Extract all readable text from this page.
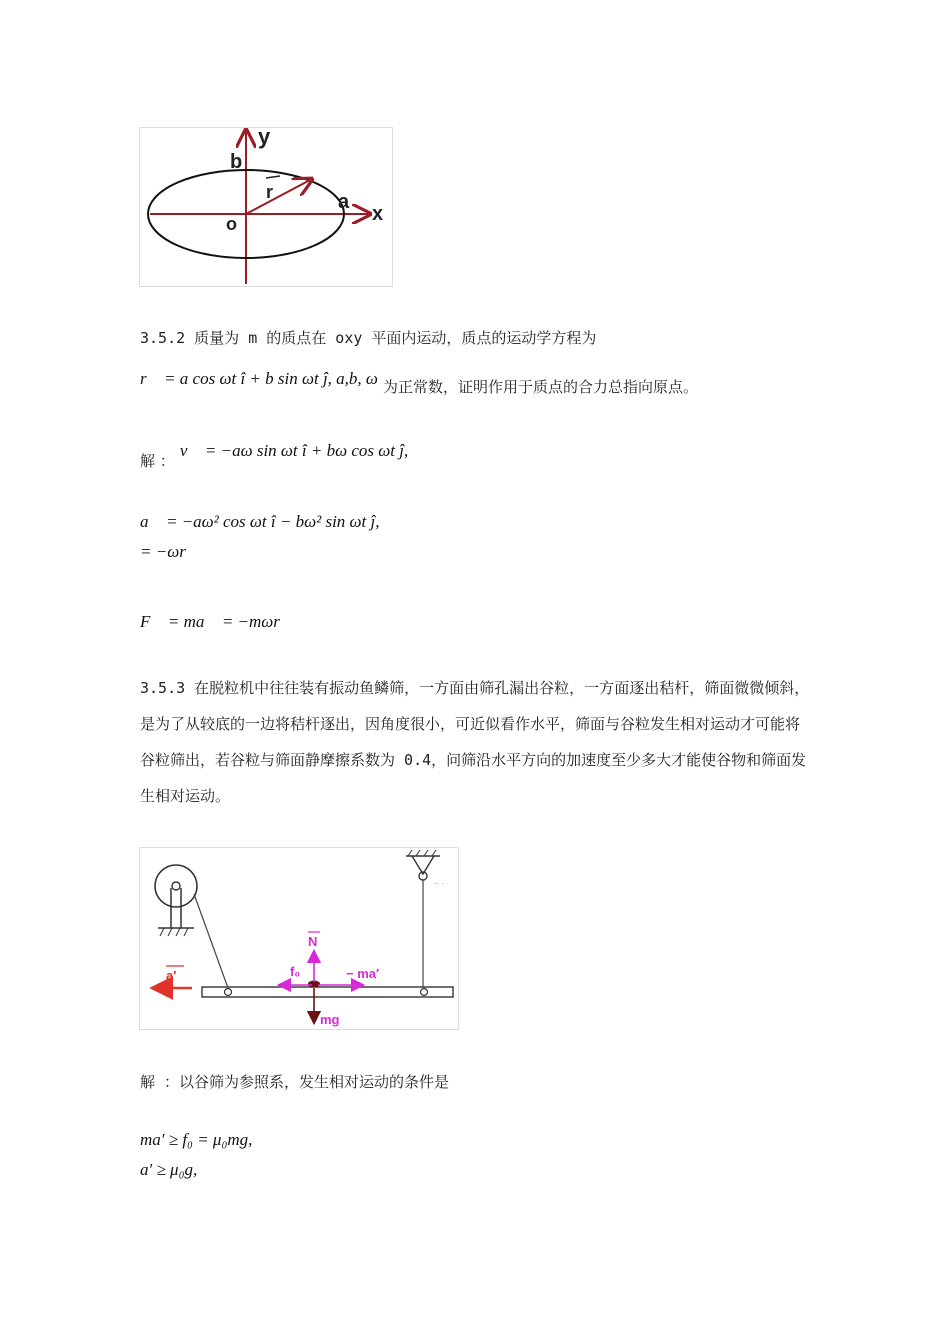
y
b
r	a
x
o
3.5.2 质量为 m 的质点在 oxy 平面内运动，质点的运动学方程为
r⃗ = a cos ωt î + b sin ωt ĵ, a,b, ω 为正常数，证明作用于质点的合力总指向原点。
解 ： v⃗ = −aω sin ωt î + bω cos ωt ĵ,
a⃗ = −aω² cos ωt î − bω² sin ωt ĵ,
= −ωr⃗
F⃗ = ma⃗ = −mωr⃗
3.5.3 在脱粒机中往往装有振动鱼鳞筛，一方面由筛孔漏出谷粒，一方面逐出秸杆，筛面微微倾斜，是为了从较底的一边将秸杆逐出，因角度很小，可近似看作水平，筛面与谷粒发生相对运动才可能将谷粒筛出，若谷粒与筛面静摩擦系数为 0.4，问筛沿水平方向的加速度至少多大才能使谷物和筛面发生相对运动。
·· ·
N
f₀	− ma′
mg
a′
解 ：以谷筛为参照系，发生相对运动的条件是
ma′ ≥ f₀ = μ₀mg,
a′ ≥ μ₀g,
